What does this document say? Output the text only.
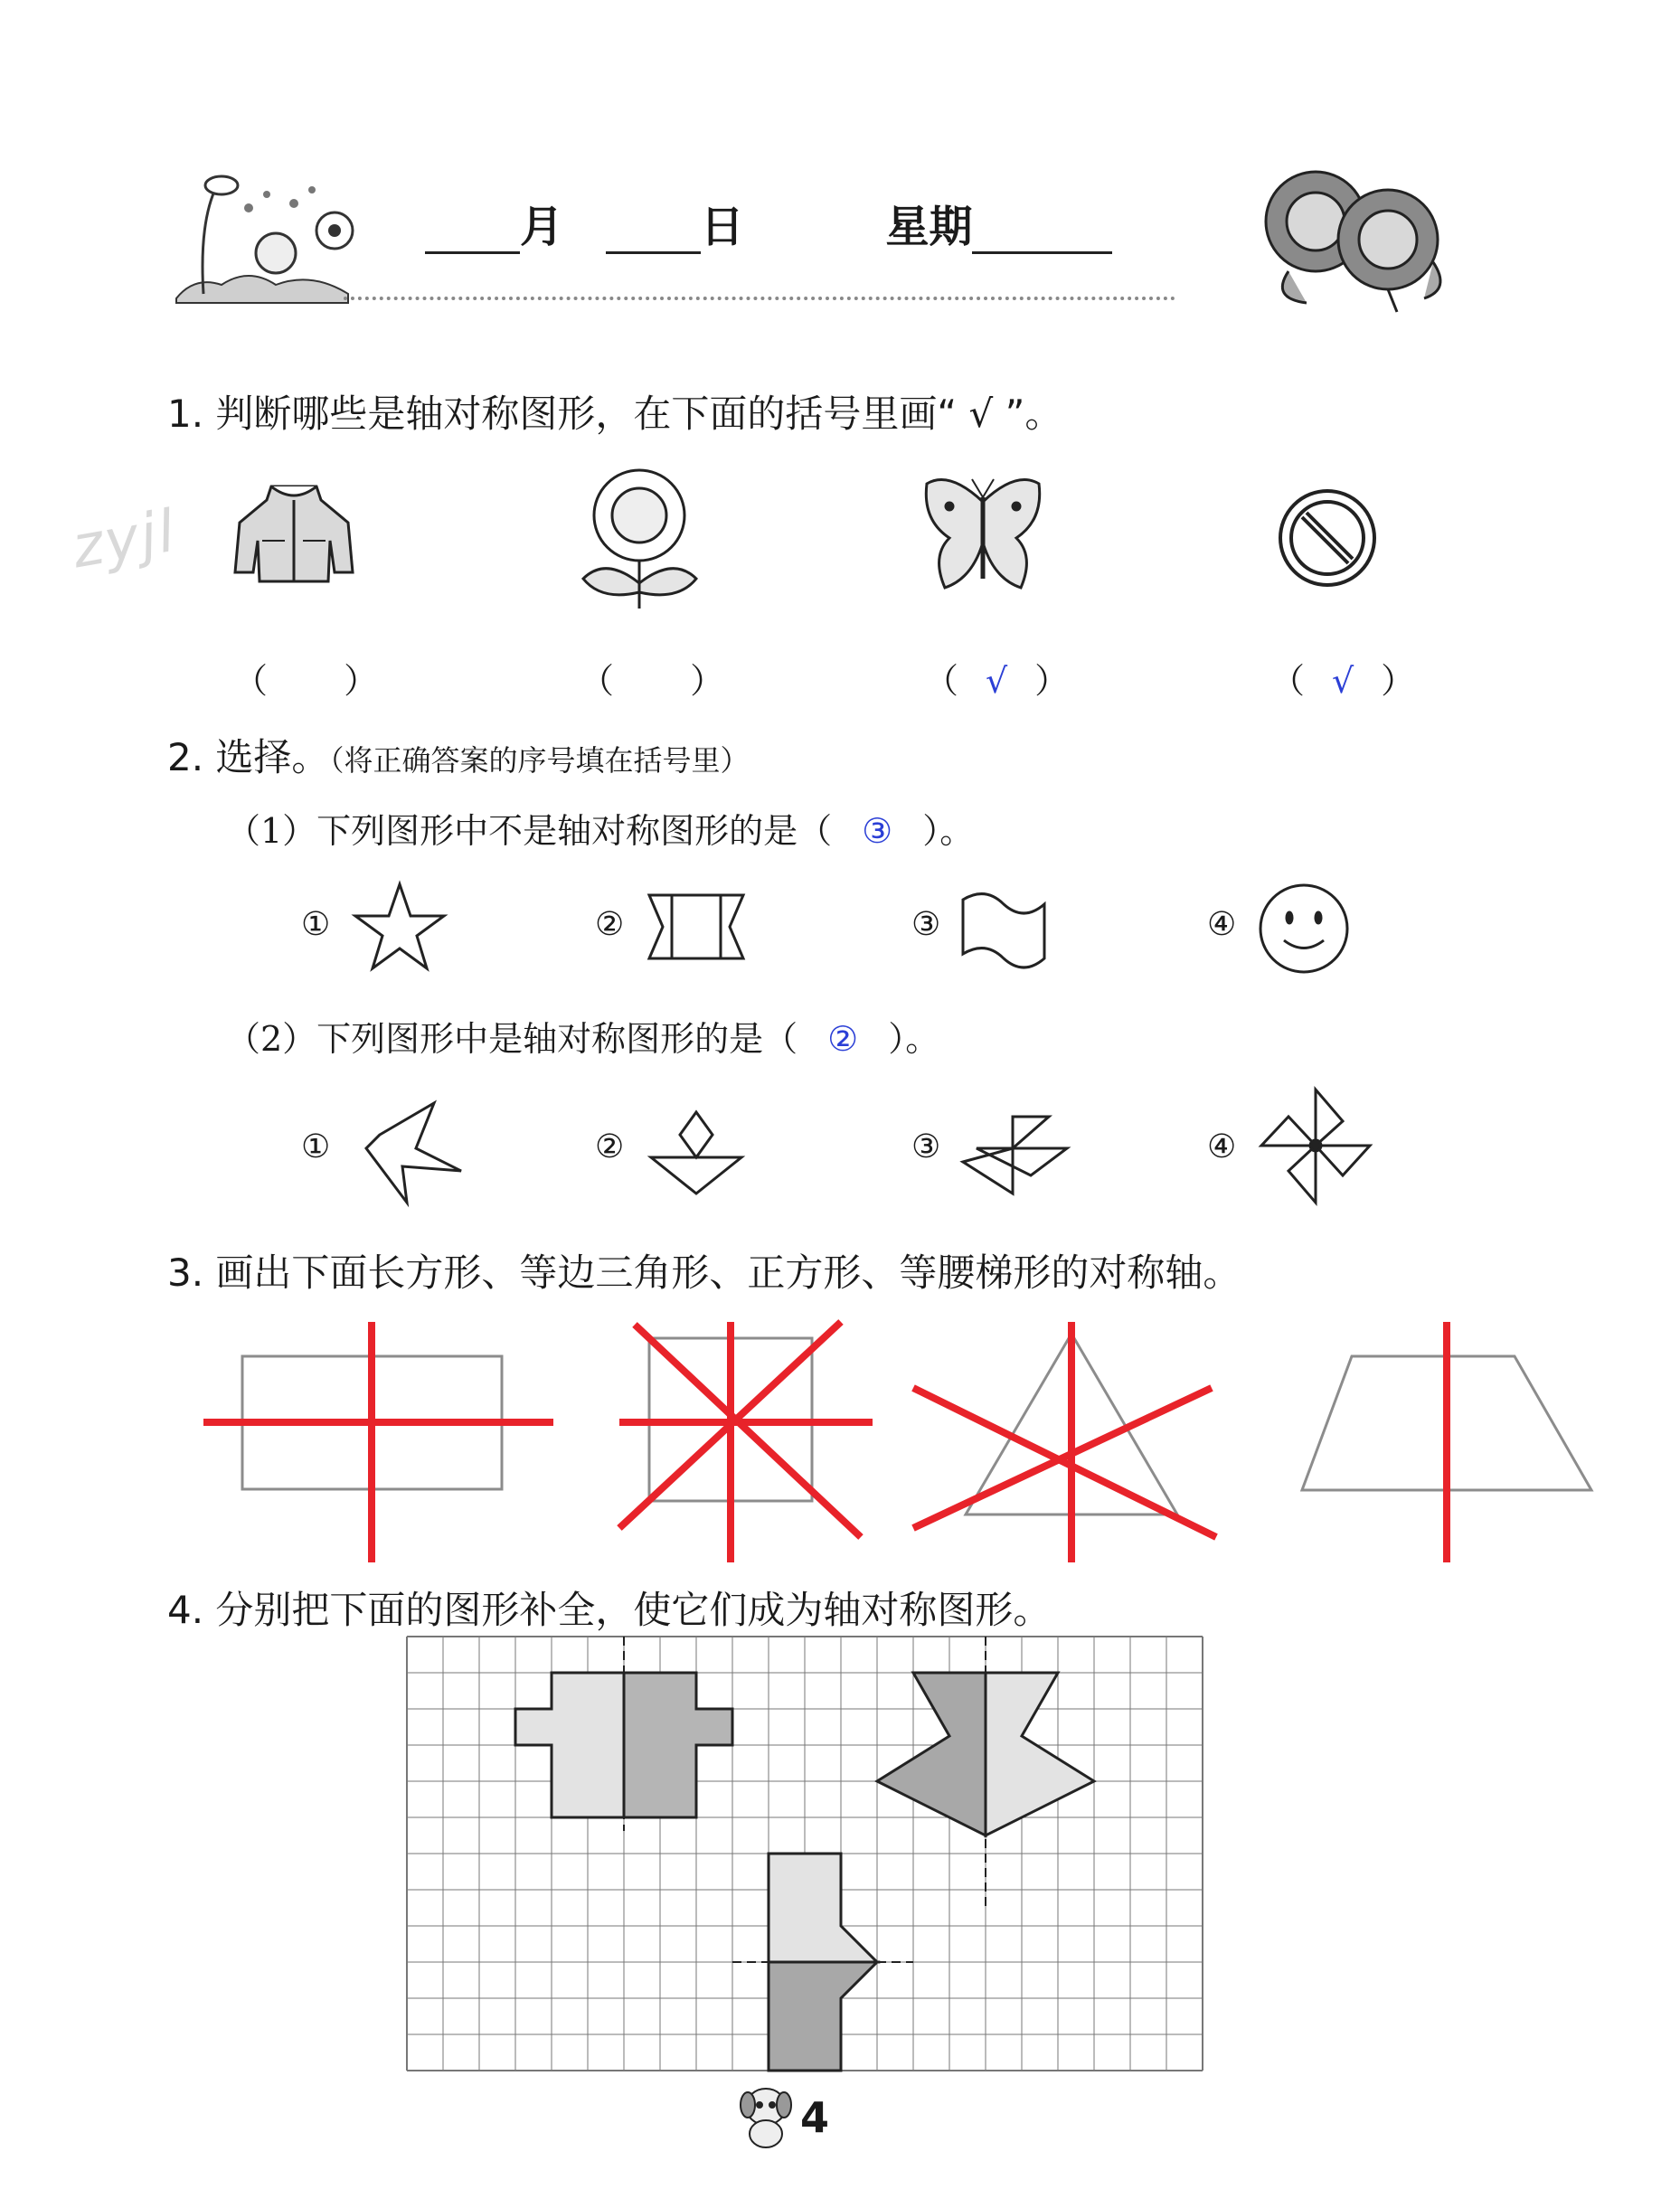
月	日	星期
zyjl
1. 判断哪些是轴对称图形，在下面的括号里画“ √ ”。
（  ）	（  ）	（ √ ）	（ √ ）
2. 选择。（将正确答案的序号填在括号里）
（1）下列图形中不是轴对称图形的是（ ③ ）。
①	②	③	④
（2）下列图形中是轴对称图形的是（ ② ）。
①	②	③	④
3. 画出下面长方形、等边三角形、正方形、等腰梯形的对称轴。
4. 分别把下面的图形补全，使它们成为轴对称图形。
4
